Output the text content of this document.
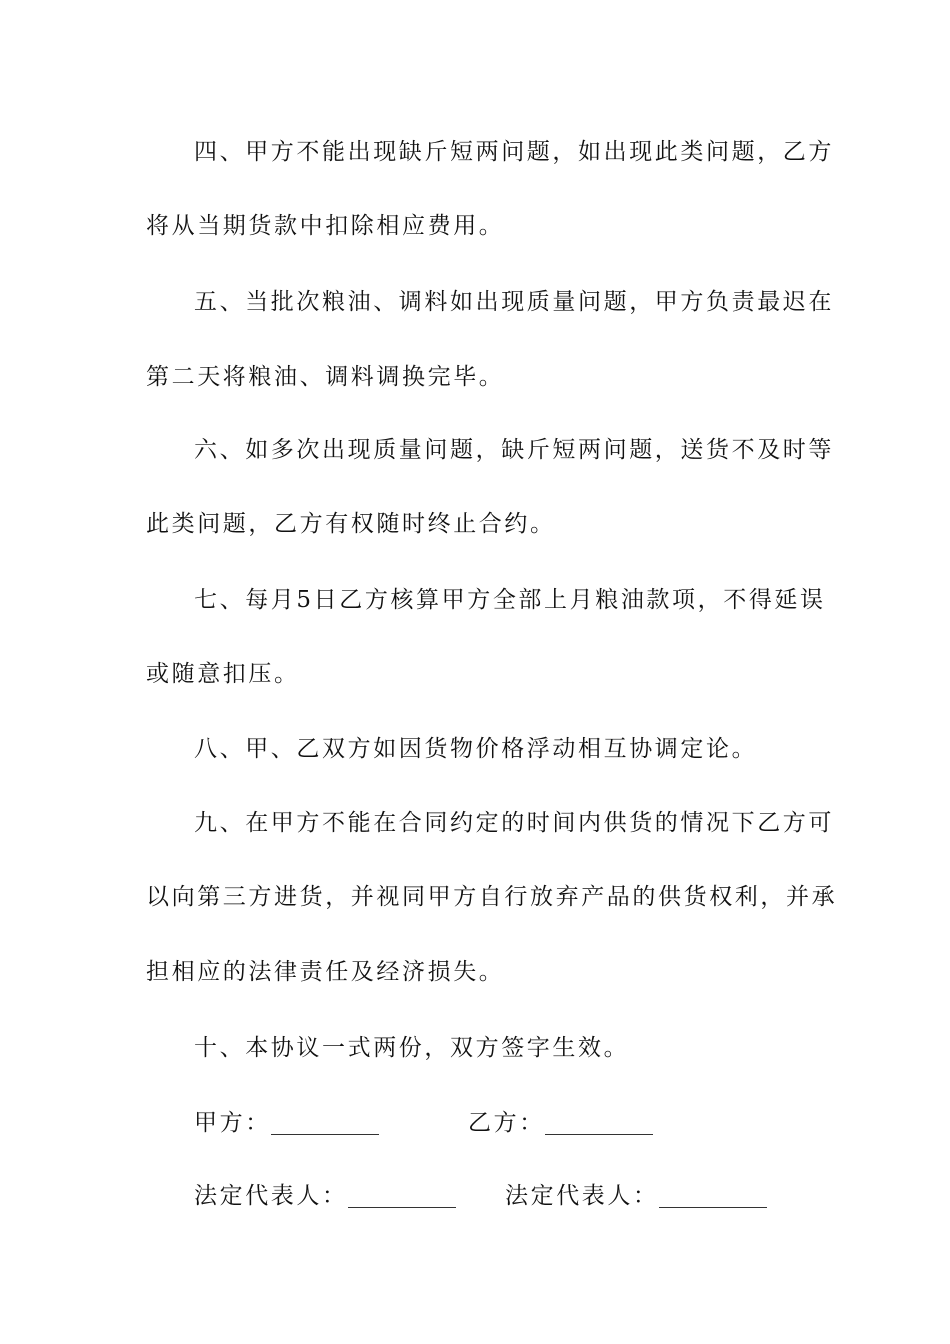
四、甲方不能出现缺斤短两问题，如出现此类问题，乙方

将从当期货款中扣除相应费用。

五、当批次粮油、调料如出现质量问题，甲方负责最迟在

第二天将粮油、调料调换完毕。

六、如多次出现质量问题，缺斤短两问题，送货不及时等

此类问题，乙方有权随时终止合约。

七、每月5日乙方核算甲方全部上月粮油款项，不得延误

或随意扣压。

八、甲、乙双方如因货物价格浮动相互协调定论。

九、在甲方不能在合同约定的时间内供货的情况下乙方可

以向第三方进货，并视同甲方自行放弃产品的供货权利，并承

担相应的法律责任及经济损失。

十、本协议一式两份，双方签字生效。

甲方：	乙方：
法定代表人：	法定代表人：
